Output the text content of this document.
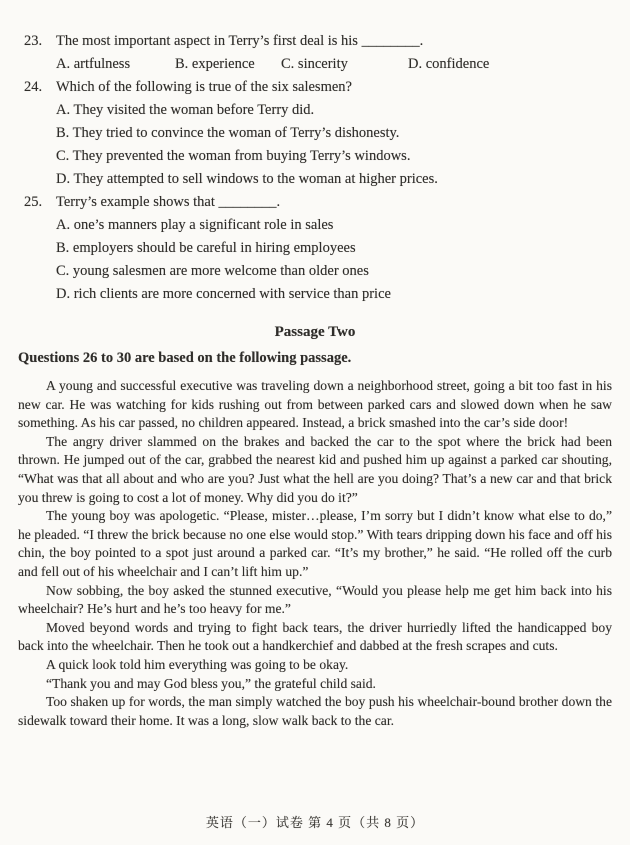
23. The most important aspect in Terry’s first deal is his ________.
A. artfulness	B. experience	C. sincerity	D. confidence
24. Which of the following is true of the six salesmen?
A. They visited the woman before Terry did.
B. They tried to convince the woman of Terry’s dishonesty.
C. They prevented the woman from buying Terry’s windows.
D. They attempted to sell windows to the woman at higher prices.
25. Terry’s example shows that ________.
A. one’s manners play a significant role in sales
B. employers should be careful in hiring employees
C. young salesmen are more welcome than older ones
D. rich clients are more concerned with service than price
Passage Two
Questions 26 to 30 are based on the following passage.

A young and successful executive was traveling down a neighborhood street, going a bit too fast in his new car. He was watching for kids rushing out from between parked cars and slowed down when he saw something. As his car passed, no children appeared. Instead, a brick smashed into the car’s side door!

The angry driver slammed on the brakes and backed the car to the spot where the brick had been thrown. He jumped out of the car, grabbed the nearest kid and pushed him up against a parked car shouting, “What was that all about and who are you? Just what the hell are you doing? That’s a new car and that brick you threw is going to cost a lot of money. Why did you do it?”

The young boy was apologetic. “Please, mister…please, I’m sorry but I didn’t know what else to do,” he pleaded. “I threw the brick because no one else would stop.” With tears dripping down his face and off his chin, the boy pointed to a spot just around a parked car. “It’s my brother,” he said. “He rolled off the curb and fell out of his wheelchair and I can’t lift him up.”

Now sobbing, the boy asked the stunned executive, “Would you please help me get him back into his wheelchair? He’s hurt and he’s too heavy for me.”

Moved beyond words and trying to fight back tears, the driver hurriedly lifted the handicapped boy back into the wheelchair. Then he took out a handkerchief and dabbed at the fresh scrapes and cuts.

A quick look told him everything was going to be okay.

“Thank you and may God bless you,” the grateful child said.

Too shaken up for words, the man simply watched the boy push his wheelchair-bound brother down the sidewalk toward their home. It was a long, slow walk back to the car.

英语（一）试卷 第 4 页（共 8 页）
